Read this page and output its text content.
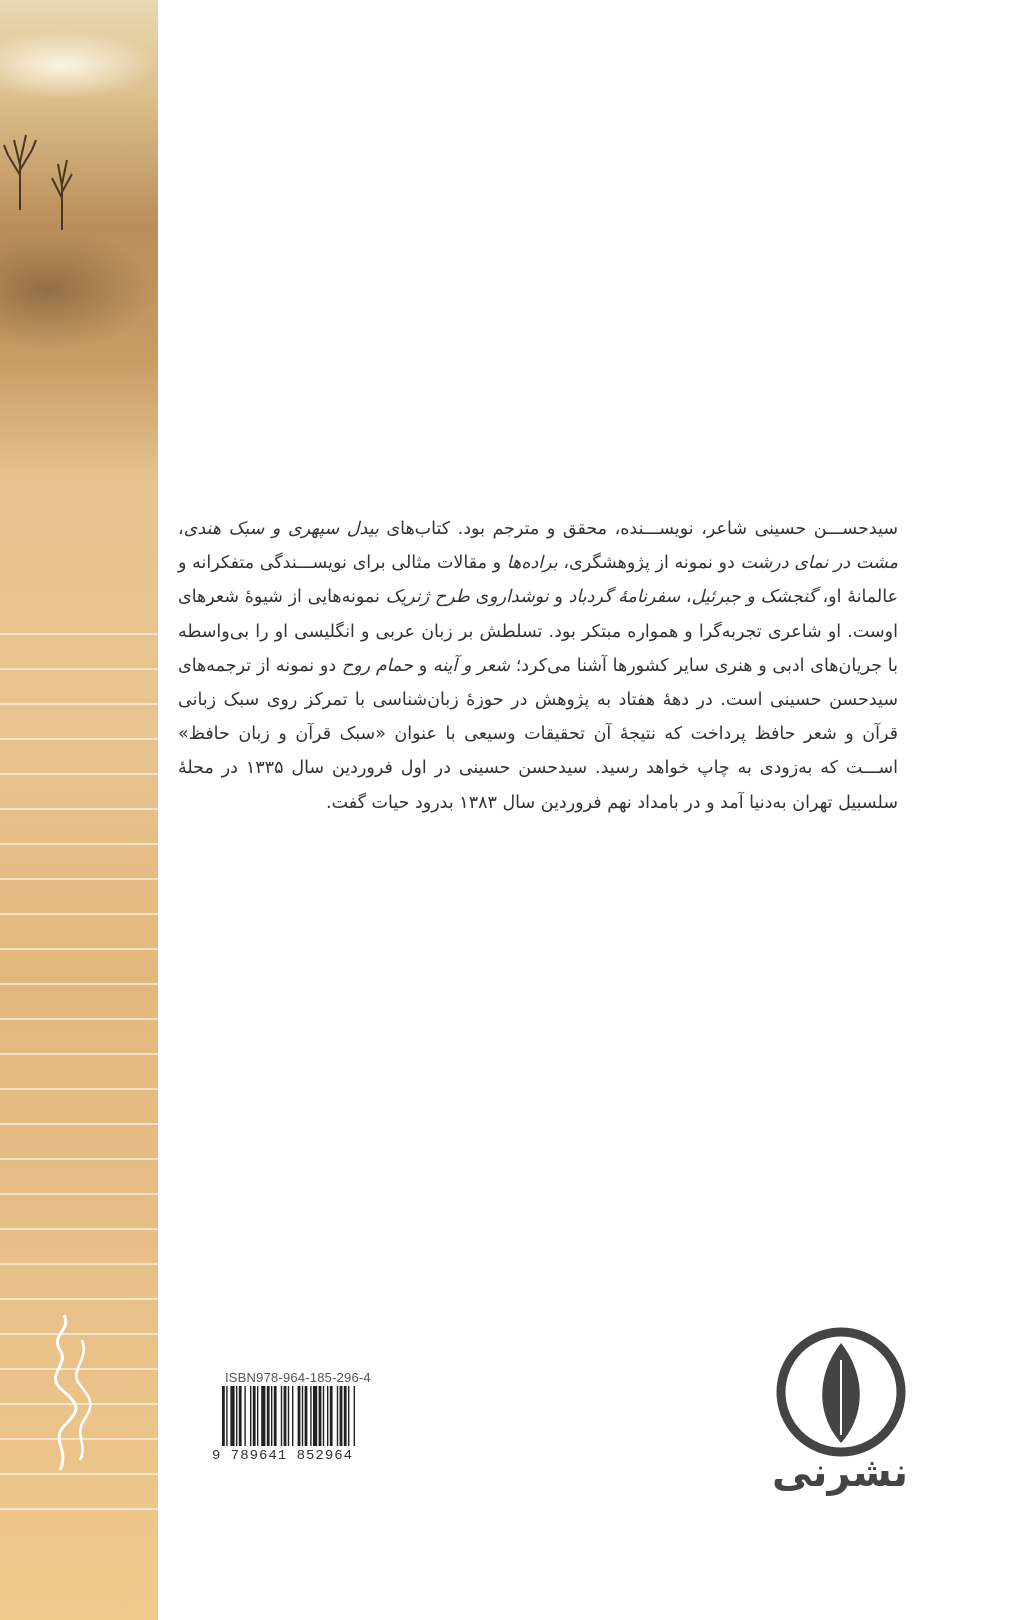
سیدحســـن حسینی شاعر، نویســـنده، محقق و مترجم بود. کتاب‌های بیدل سپهری و سبک هندی، مشت در نمای درشت دو نمونه از پژوهشگری، براده‌ها و مقالات مثالی برای نویســـندگی متفکرانه و عالمانهٔ او، گنجشک و جبرئیل، سفرنامهٔ گردباد و نوشداروی طرح ژنریک نمونه‌هایی از شیوهٔ شعرهای اوست. او شاعری تجربه‌گرا و همواره مبتکر بود. تسلطش بر زبان عربی و انگلیسی او را بی‌واسطه با جریان‌های ادبی و هنری سایر کشورها آشنا می‌کرد؛ شعر و آینه و حمام روح دو نمونه از ترجمه‌های سیدحسن حسینی است. در دههٔ هفتاد به پژوهش در حوزهٔ زبان‌شناسی با تمرکز روی سبک زبانی قرآن و شعر حافظ پرداخت که نتیجهٔ آن تحقیقات وسیعی با عنوان «سبک قرآن و زبان حافظ» اســـت که به‌زودی به چاپ خواهد رسید. سیدحسن حسینی در اول فروردین سال ۱۳۳۵ در محلهٔ سلسبیل تهران به‌دنیا آمد و در بامداد نهم فروردین سال ۱۳۸۳ بدرود حیات گفت.

ISBN978-964-185-296-4
9 789641 852964	نشرنی
